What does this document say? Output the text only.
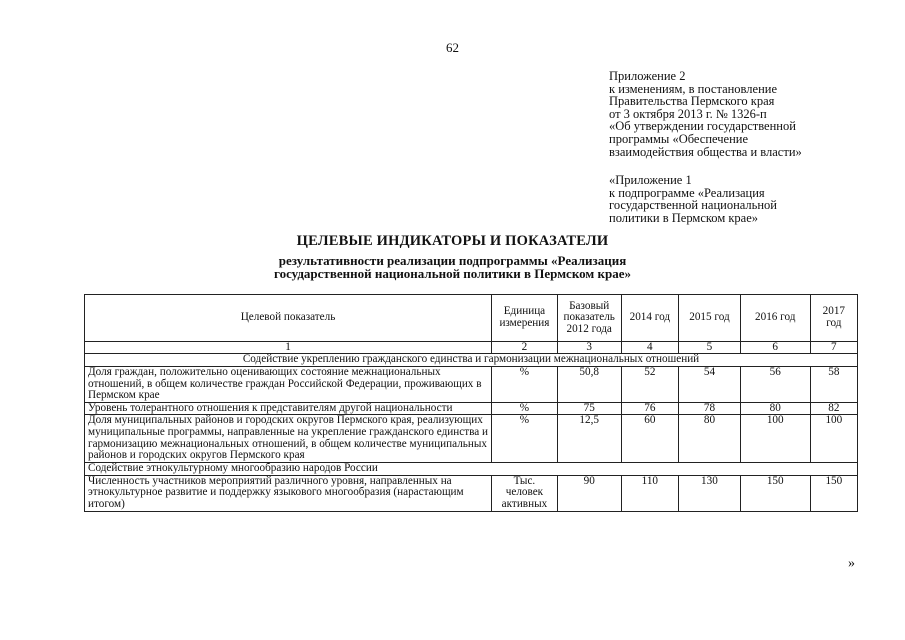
62
Приложение 2
к изменениям, в постановление
Правительства Пермского края
от 3 октября 2013 г. № 1326-п
«Об утверждении государственной
программы «Обеспечение
взаимодействия общества и власти»
«Приложение 1
к подпрограмме «Реализация
государственной национальной
политики в Пермском крае»
ЦЕЛЕВЫЕ ИНДИКАТОРЫ И ПОКАЗАТЕЛИ
результативности реализации подпрограммы «Реализация
государственной национальной политики в Пермском крае»
Целевой показатель	Единица измерения	Базовый показатель 2012 года	2014 год	2015 год	2016 год	2017 год
1	2	3	4	5	6	7
Содействие укреплению гражданского единства и гармонизации межнациональных отношений						
Доля граждан, положительно оценивающих состояние межнациональных отношений, в общем количестве граждан Российской Федерации, проживающих в Пермском крае	%	50,8	52	54	56	58
Уровень толерантного отношения к представителям другой национальности	%	75	76	78	80	82
Доля муниципальных районов и городских округов Пермского края, реализующих муниципальные программы, направленные на укрепление гражданского единства и гармонизацию межнациональных отношений, в общем количестве муниципальных районов и городских округов Пермского края	%	12,5	60	80	100	100
Содействие этнокультурному многообразию народов России						
Численность участников мероприятий различного уровня, направленных на этнокультурное развитие и поддержку языкового многообразия (нарастающим итогом)	Тыс. человек активных	90	110	130	150	150
»
